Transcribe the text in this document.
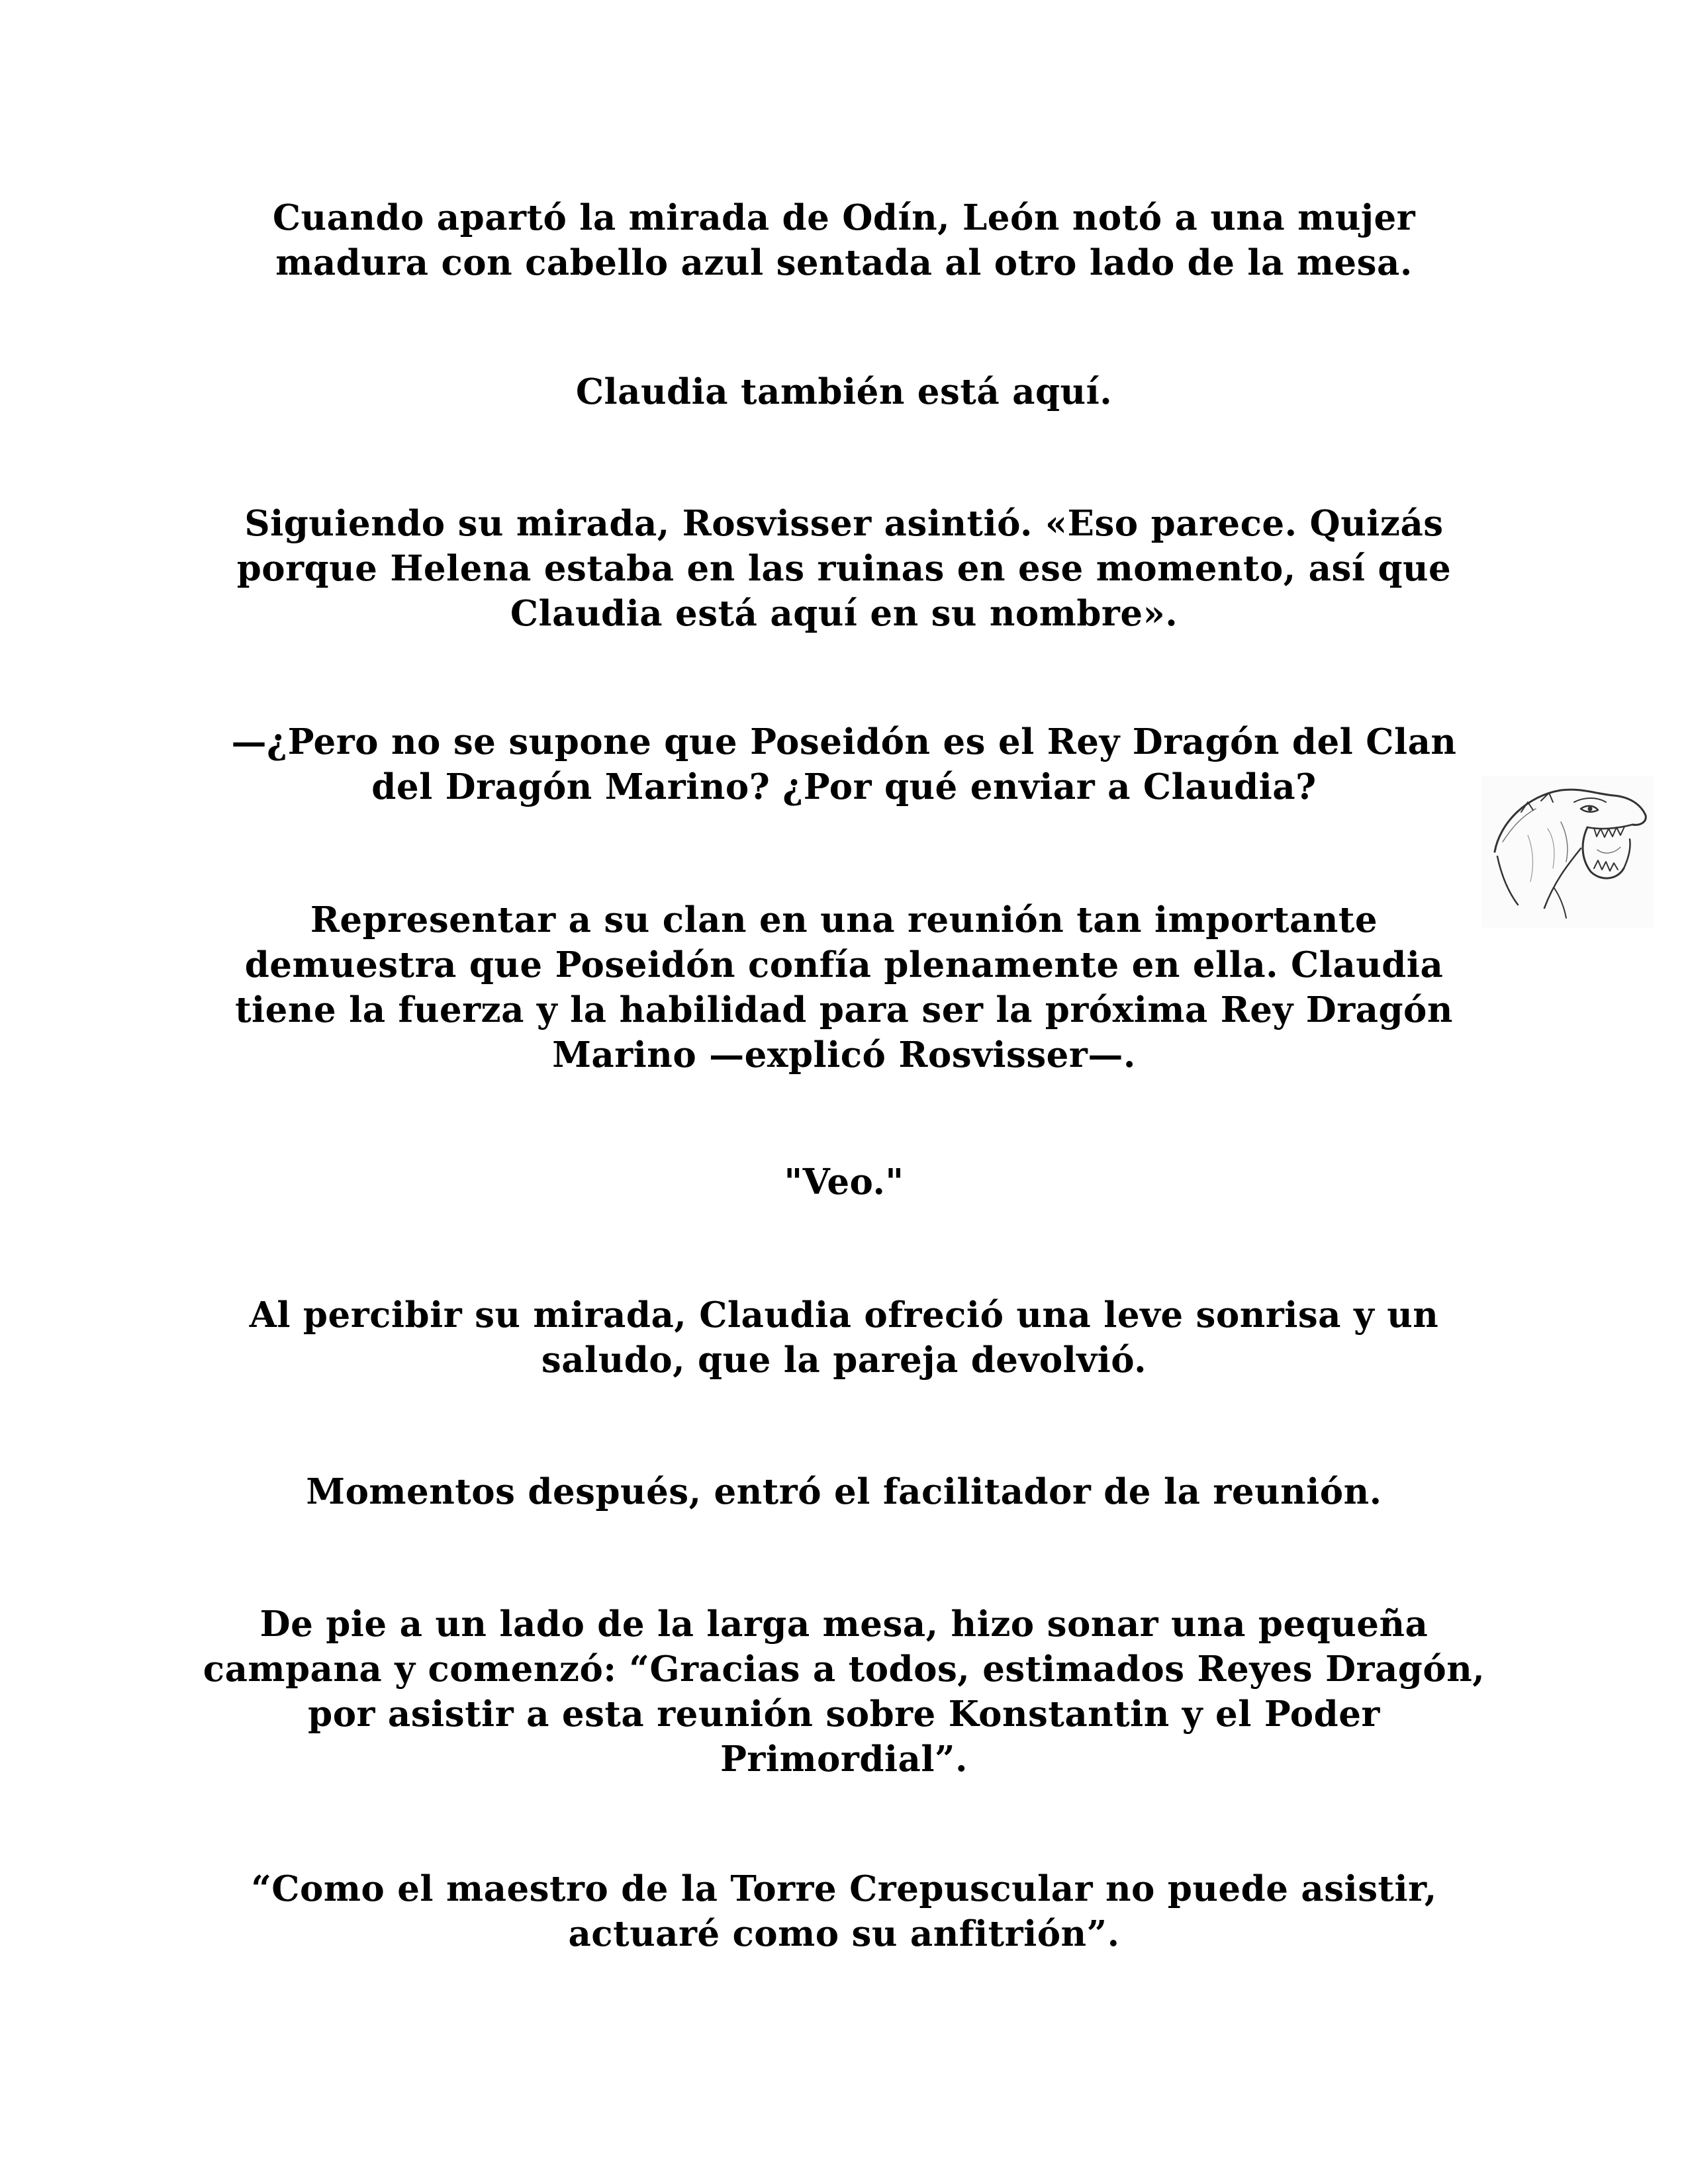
Cuando apartó la mirada de Odín, León notó a una mujer madura con cabello azul sentada al otro lado de la mesa.

Claudia también está aquí.

Siguiendo su mirada, Rosvisser asintió. «Eso parece. Quizás porque Helena estaba en las ruinas en ese momento, así que Claudia está aquí en su nombre».

—¿Pero no se supone que Poseidón es el Rey Dragón del Clan del Dragón Marino? ¿Por qué enviar a Claudia?

Representar a su clan en una reunión tan importante demuestra que Poseidón confía plenamente en ella. Claudia tiene la fuerza y la habilidad para ser la próxima Rey Dragón Marino —explicó Rosvisser—.

"Veo."

Al percibir su mirada, Claudia ofreció una leve sonrisa y un saludo, que la pareja devolvió.

Momentos después, entró el facilitador de la reunión.

De pie a un lado de la larga mesa, hizo sonar una pequeña campana y comenzó: “Gracias a todos, estimados Reyes Dragón, por asistir a esta reunión sobre Konstantin y el Poder Primordial”.

“Como el maestro de la Torre Crepuscular no puede asistir, actuaré como su anfitrión”.
